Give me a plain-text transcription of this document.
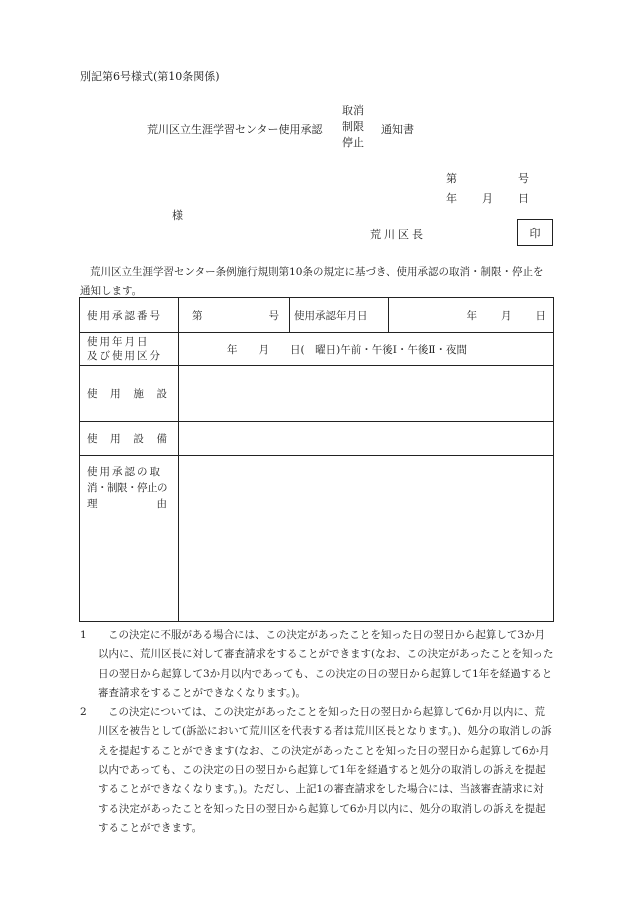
別記第6号様式(第10条関係)
荒川区立生涯学習センター使用承認
取消
制限
停止
通知書
第	号
年 月 日
様
荒川区長	印
荒川区立生涯学習センター条例施行規則第10条の規定に基づき、使用承認の取消・制限・停止を通知します。
使用承認番号	第 号	使用承認年月日	年 月 日

使用年月日
及び使用区分	年　　月　　日(　曜日)午前・午後Ⅰ・午後Ⅱ・夜間		

使 用 施 設			

使 用 設 備			

使用承認の取
消・制限・停止の
理 由			

1	この決定に不服がある場合には、この決定があったことを知った日の翌日から起算して3か月以内に、荒川区長に対して審査請求をすることができます(なお、この決定があったことを知った日の翌日から起算して3か月以内であっても、この決定の日の翌日から起算して1年を経過すると審査請求をすることができなくなります。)。
2	この決定については、この決定があったことを知った日の翌日から起算して6か月以内に、荒川区を被告として(訴訟において荒川区を代表する者は荒川区長となります。)、処分の取消しの訴えを提起することができます(なお、この決定があったことを知った日の翌日から起算して6か月以内であっても、この決定の日の翌日から起算して1年を経過すると処分の取消しの訴えを提起することができなくなります。)。ただし、上記1の審査請求をした場合には、当該審査請求に対する決定があったことを知った日の翌日から起算して6か月以内に、処分の取消しの訴えを提起することができます。
